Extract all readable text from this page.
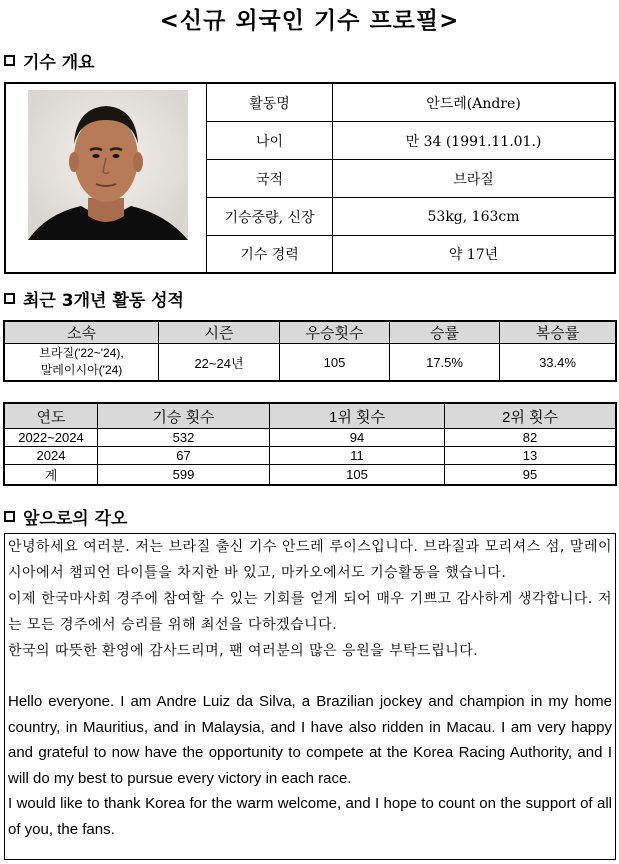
<신규 외국인 기수 프로필>
기수 개요
	활동명	안드레(Andre)
	나이	만 34 (1991.11.01.)
	국적	브라질
	기승중량, 신장	53kg, 163cm
	기수 경력	약 17년
최근 3개년 활동 성적
소속	시즌	우승횟수	승률	복승률

브라질('22~'24),
말레이시아('24)	22~24년	105	17.5%	33.4%
연도	기승 횟수	1위 횟수	2위 횟수
2022~2024	532	94	82
2024	67	11	13
계	599	105	95
앞으로의 각오

안녕하세요 여러분. 저는 브라질 출신 기수 안드레 루이스입니다. 브라질과 모리셔스 섬, 말레이시아에서 챔피언 타이틀을 차지한 바 있고, 마카오에서도 기승활동을 했습니다.

이제 한국마사회 경주에 참여할 수 있는 기회를 얻게 되어 매우 기쁘고 감사하게 생각합니다. 저는 모든 경주에서 승리를 위해 최선을 다하겠습니다.

한국의 따뜻한 환영에 감사드리며, 팬 여러분의 많은 응원을 부탁드립니다.

Hello everyone. I am Andre Luiz da Silva, a Brazilian jockey and champion in my home country, in Mauritius, and in Malaysia, and I have also ridden in Macau. I am very happy and grateful to now have the opportunity to compete at the Korea Racing Authority, and I will do my best to pursue every victory in each race.

I would like to thank Korea for the warm welcome, and I hope to count on the support of all of you, the fans.
